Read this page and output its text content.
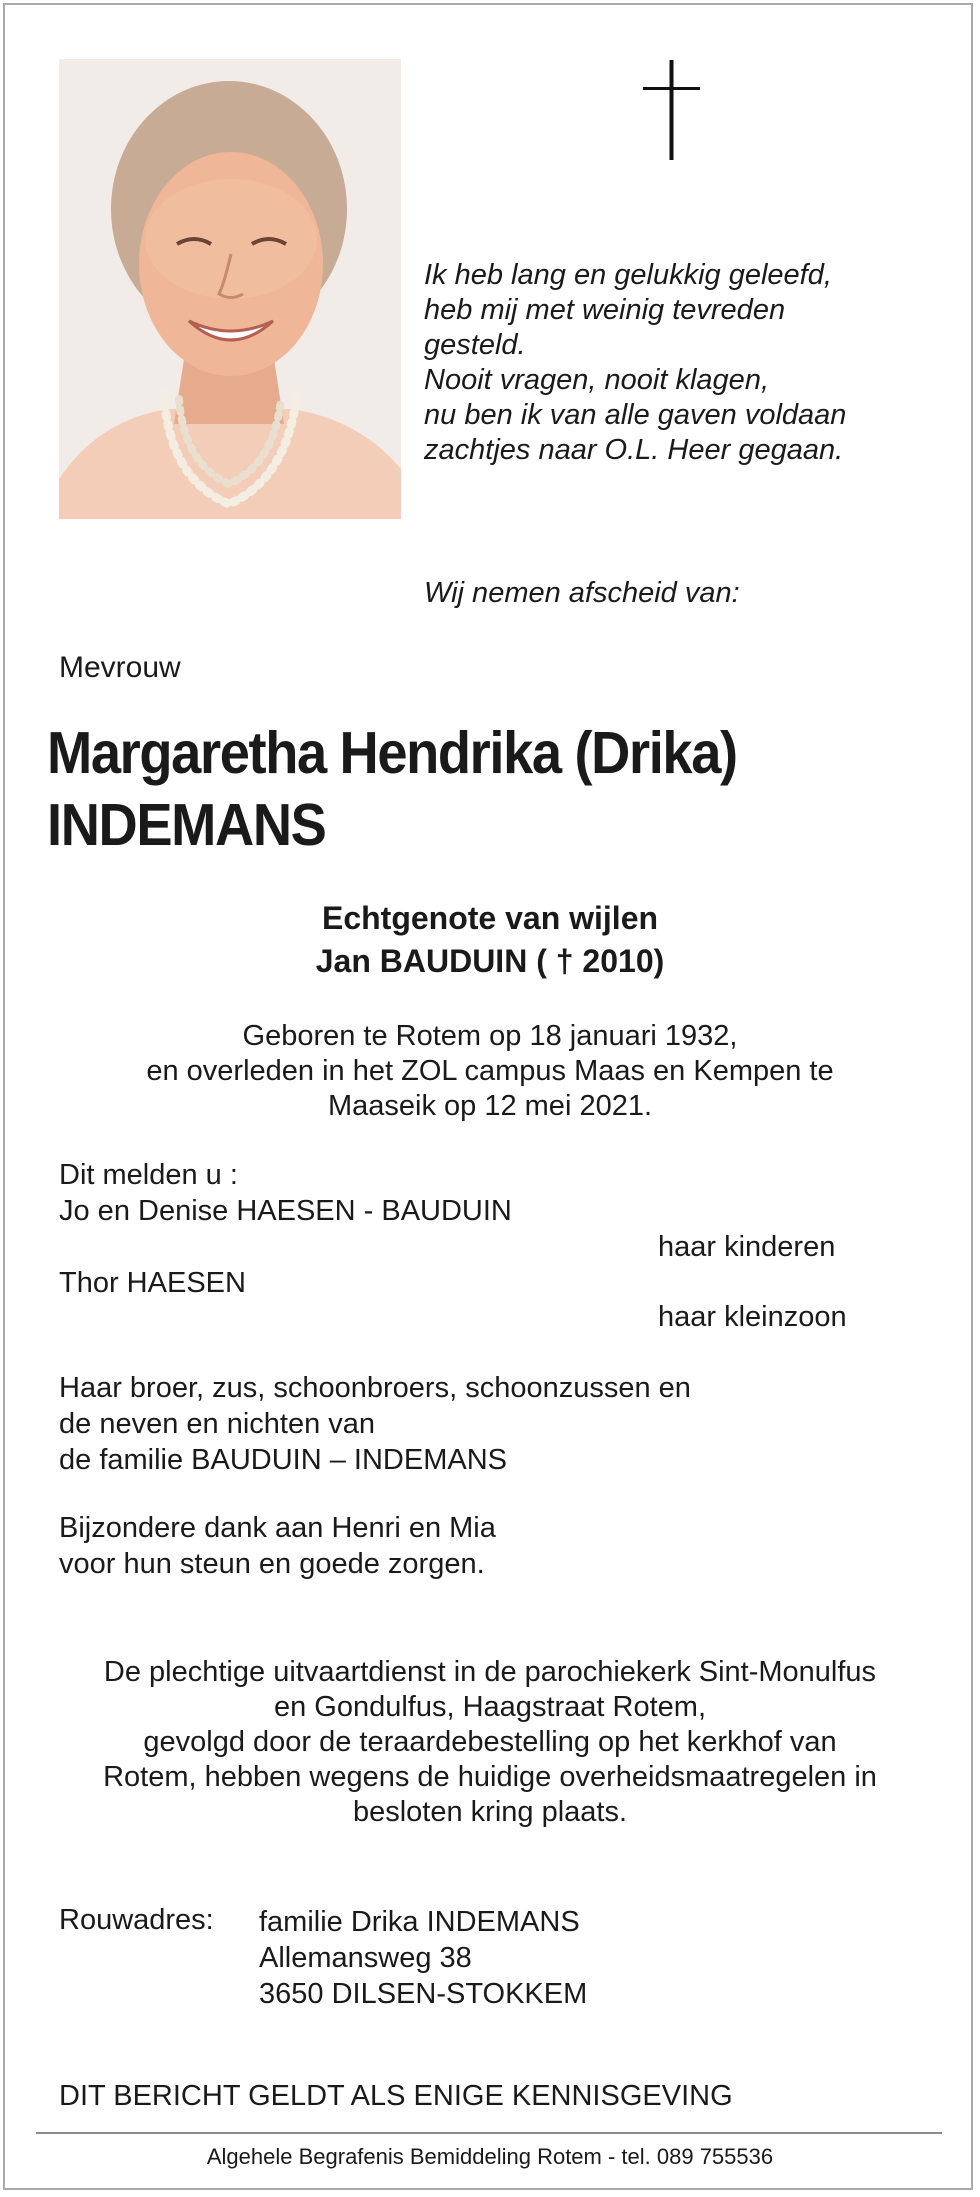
Ik heb lang en gelukkig geleefd,
heb mij met weinig tevreden
gesteld.
Nooit vragen, nooit klagen,
nu ben ik van alle gaven voldaan
zachtjes naar O.L. Heer gegaan.
Wij nemen afscheid van:
Mevrouw
Margaretha Hendrika (Drika)
INDEMANS
Echtgenote van wijlen
Jan BAUDUIN ( † 2010)
Geboren te Rotem op 18 januari 1932,
en overleden in het ZOL campus Maas en Kempen te
Maaseik op 12 mei 2021.
Dit melden u :
Jo en Denise HAESEN - BAUDUIN
haar kinderen
Thor HAESEN
haar kleinzoon
Haar broer, zus, schoonbroers, schoonzussen en
de neven en nichten van
de familie BAUDUIN – INDEMANS
Bijzondere dank aan Henri en Mia
voor hun steun en goede zorgen.
De plechtige uitvaartdienst in de parochiekerk Sint-Monulfus
en Gondulfus, Haagstraat Rotem,
gevolgd door de teraardebestelling op het kerkhof van
Rotem, hebben wegens de huidige overheidsmaatregelen in
besloten kring plaats.
Rouwadres: familie Drika INDEMANS
Allemansweg 38
3650 DILSEN-STOKKEM
DIT BERICHT GELDT ALS ENIGE KENNISGEVING
Algehele Begrafenis Bemiddeling Rotem - tel. 089 755536
